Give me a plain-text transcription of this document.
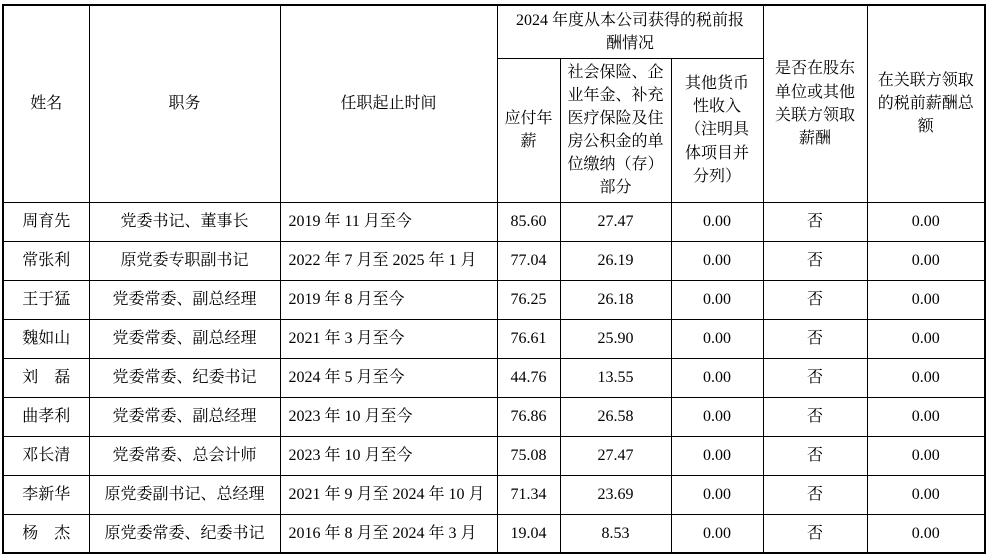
姓名	职务	任职起止时间	2024 年度从本公司获得的税前报酬情况			是否在股东单位或其他关联方领取薪酬	在关联方领取的税前薪酬总额
			应付年薪	社会保险、企业年金、补充医疗保险及住房公积金的单位缴纳（存）部分	其他货币性收入（注明具体项目并分列）		
周育先	党委书记、董事长	2019 年 11 月至今	85.60	27.47	0.00	否	0.00
常张利	原党委专职副书记	2022 年 7 月至 2025 年 1 月	77.04	26.19	0.00	否	0.00
王于猛	党委常委、副总经理	2019 年 8 月至今	76.25	26.18	0.00	否	0.00
魏如山	党委常委、副总经理	2021 年 3 月至今	76.61	25.90	0.00	否	0.00
刘　磊	党委常委、纪委书记	2024 年 5 月至今	44.76	13.55	0.00	否	0.00
曲孝利	党委常委、副总经理	2023 年 10 月至今	76.86	26.58	0.00	否	0.00
邓长清	党委常委、总会计师	2023 年 10 月至今	75.08	27.47	0.00	否	0.00
李新华	原党委副书记、总经理	2021 年 9 月至 2024 年 10 月	71.34	23.69	0.00	否	0.00
杨　杰	原党委常委、纪委书记	2016 年 8 月至 2024 年 3 月	19.04	8.53	0.00	否	0.00
